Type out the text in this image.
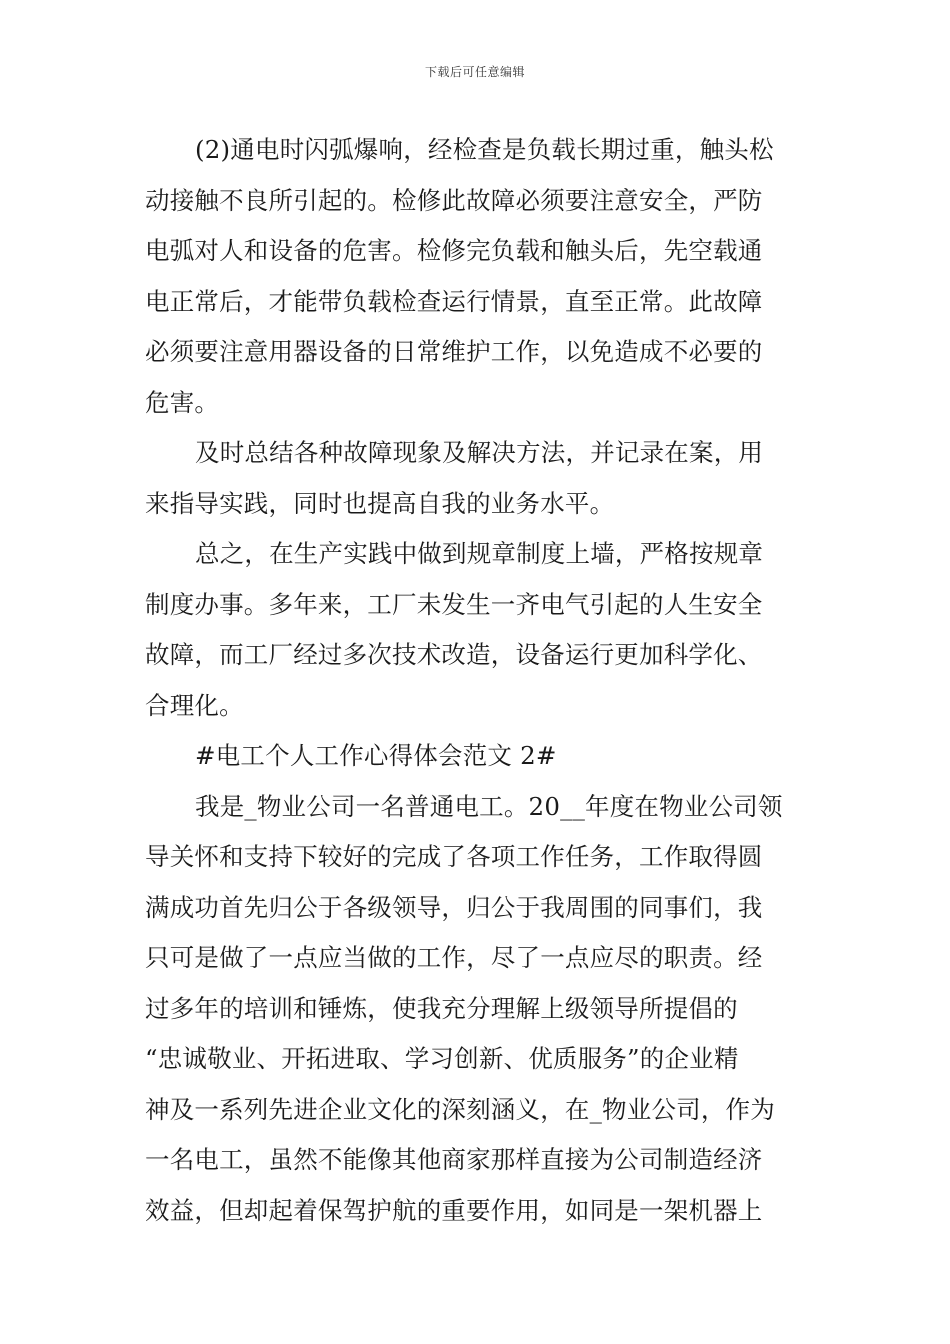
下载后可任意编辑
(2)通电时闪弧爆响，经检查是负载长期过重，触头松
动接触不良所引起的。检修此故障必须要注意安全，严防
电弧对人和设备的危害。检修完负载和触头后，先空载通
电正常后，才能带负载检查运行情景，直至正常。此故障
必须要注意用器设备的日常维护工作，以免造成不必要的
危害。
及时总结各种故障现象及解决方法，并记录在案，用
来指导实践，同时也提高自我的业务水平。
总之，在生产实践中做到规章制度上墙，严格按规章
制度办事。多年来，工厂未发生一齐电气引起的人生安全
故障，而工厂经过多次技术改造，设备运行更加科学化、
合理化。
#电工个人工作心得体会范文 2#
我是_物业公司一名普通电工。20__年度在物业公司领
导关怀和支持下较好的完成了各项工作任务，工作取得圆
满成功首先归公于各级领导，归公于我周围的同事们，我
只可是做了一点应当做的工作，尽了一点应尽的职责。经
过多年的培训和锤炼，使我充分理解上级领导所提倡的
“忠诚敬业、开拓进取、学习创新、优质服务”的企业精
神及一系列先进企业文化的深刻涵义，在_物业公司，作为
一名电工，虽然不能像其他商家那样直接为公司制造经济
效益，但却起着保驾护航的重要作用，如同是一架机器上
